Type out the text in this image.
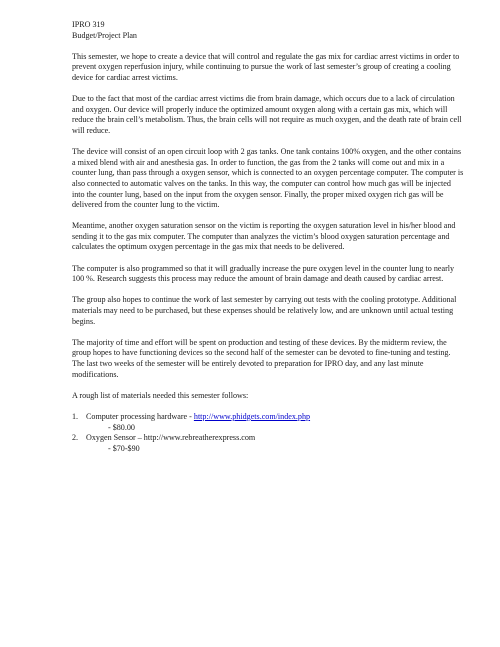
IPRO 319

Budget/Project Plan

This semester, we hope to create a device that will control and regulate the gas mix for cardiac arrest victims in order to prevent oxygen reperfusion injury, while continuing to pursue the work of last semester’s group of creating a cooling device for cardiac arrest victims.

Due to the fact that most of the cardiac arrest victims die from brain damage, which occurs due to a lack of circulation and oxygen. Our device will properly induce the optimized amount oxygen along with a certain gas mix, which will reduce the brain cell’s metabolism. Thus, the brain cells will not require as much oxygen, and the death rate of brain cell will reduce.

The device will consist of an open circuit loop with 2 gas tanks. One tank contains 100% oxygen, and the other contains a mixed blend with air and anesthesia gas. In order to function, the gas from the 2 tanks will come out and mix in a counter lung, than pass through a oxygen sensor, which is connected to an oxygen percentage computer. The computer is also connected to automatic valves on the tanks. In this way, the computer can control how much gas will be injected into the counter lung, based on the input from the oxygen sensor. Finally, the proper mixed oxygen rich gas will be delivered from the counter lung to the victim.

Meantime, another oxygen saturation sensor on the victim is reporting the oxygen saturation level in his/her blood and sending it to the gas mix computer. The computer than analyzes the victim’s blood oxygen saturation percentage and calculates the optimum oxygen percentage in the gas mix that needs to be delivered.

The computer is also programmed so that it will gradually increase the pure oxygen level in the counter lung to nearly 100 %. Research suggests this process may reduce the amount of brain damage and death caused by cardiac arrest.

The group also hopes to continue the work of last semester by carrying out tests with the cooling prototype. Additional materials may need to be purchased, but these expenses should be relatively low, and are unknown until actual testing begins.

The majority of time and effort will be spent on production and testing of these devices. By the midterm review, the group hopes to have functioning devices so the second half of the semester can be devoted to fine-tuning and testing. The last two weeks of the semester will be entirely devoted to preparation for IPRO day, and any last minute modifications.

A rough list of materials needed this semester follows:

1. Computer processing hardware - http://www.phidgets.com/index.php

- $80.00

2. Oxygen Sensor – http://www.rebreatherexpress.com

- $70-$90
